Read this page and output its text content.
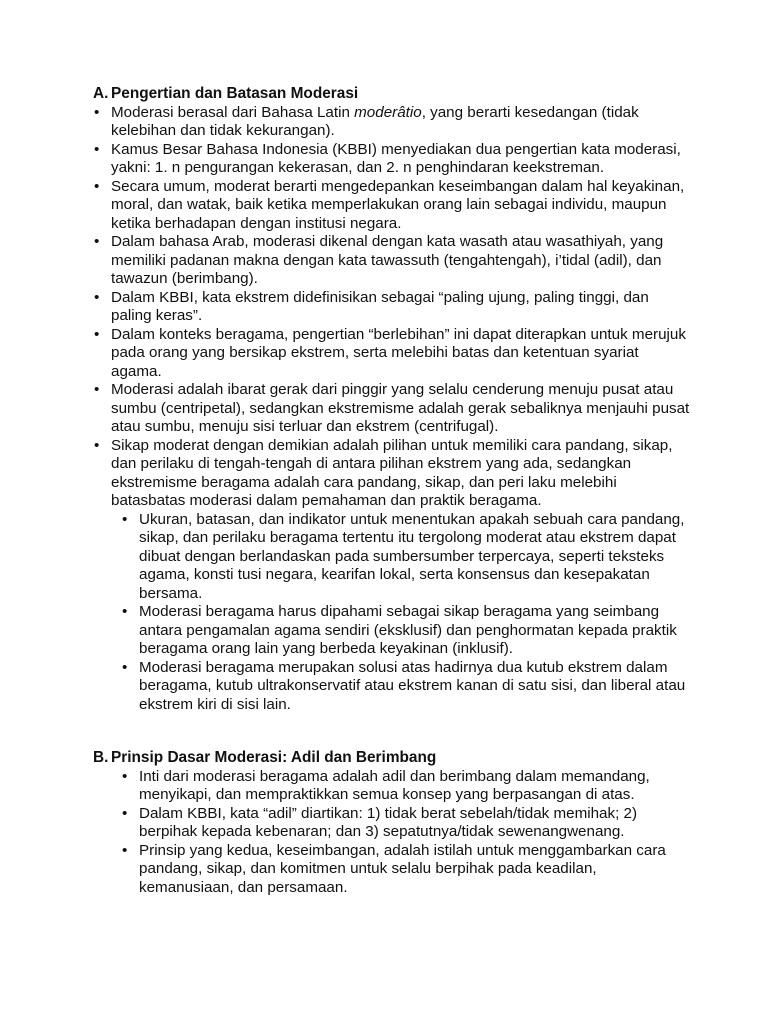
A. Pengertian dan Batasan Moderasi
• Moderasi berasal dari Bahasa Latin moderâtio, yang berarti kesedangan (tidak kelebihan dan tidak kekurangan).
• Kamus Besar Bahasa Indonesia (KBBI) menyediakan dua pengertian kata moderasi, yakni: 1. n pengurangan kekerasan, dan 2. n penghindaran keekstreman.
• Secara umum, moderat berarti mengedepankan keseimbangan dalam hal keyakinan, moral, dan watak, baik ketika memperlakukan orang lain sebagai individu, maupun ketika berhadapan dengan institusi negara.
• Dalam bahasa Arab, moderasi dikenal dengan kata wasath atau wasathiyah, yang memiliki padanan makna dengan kata tawassuth (tengahtengah), i’tidal (adil), dan tawazun (berimbang).
• Dalam KBBI, kata ekstrem didefinisikan sebagai “paling ujung, paling tinggi, dan paling keras”.
• Dalam konteks beragama, pengertian “berlebihan” ini dapat diterapkan untuk merujuk pada orang yang bersikap ekstrem, serta melebihi batas dan ketentuan syariat agama.
• Moderasi adalah ibarat gerak dari pinggir yang selalu cenderung menuju pusat atau sumbu (centripetal), sedangkan ekstremisme adalah gerak sebaliknya menjauhi pusat atau sumbu, menuju sisi terluar dan ekstrem (centrifugal).
• Sikap moderat dengan demikian adalah pilihan untuk memiliki cara pandang, sikap, dan perilaku di tengah-tengah di antara pilihan ekstrem yang ada, sedangkan ekstremisme beragama adalah cara pandang, sikap, dan peri laku melebihi batasbatas moderasi dalam pemahaman dan praktik beragama.
• Ukuran, batasan, dan indikator untuk menentukan apakah sebuah cara pandang, sikap, dan perilaku beragama tertentu itu tergolong moderat atau ekstrem dapat dibuat dengan berlandaskan pada sumbersumber terpercaya, seperti teksteks agama, konsti tusi negara, kearifan lokal, serta konsensus dan kesepakatan bersama.
• Moderasi beragama harus dipahami sebagai sikap beragama yang seimbang antara pengamalan agama sendiri (eksklusif) dan penghormatan kepada praktik beragama orang lain yang berbeda keyakinan (inklusif).
• Moderasi beragama merupakan solusi atas hadirnya dua kutub ekstrem dalam beragama, kutub ultrakonservatif atau ekstrem kanan di satu sisi, dan liberal atau ekstrem kiri di sisi lain.
B. Prinsip Dasar Moderasi: Adil dan Berimbang
• Inti dari moderasi beragama adalah adil dan berimbang dalam memandang, menyikapi, dan mempraktikkan semua konsep yang berpasangan di atas.
• Dalam KBBI, kata “adil” diartikan: 1) tidak berat sebelah/tidak memihak; 2) berpihak kepada kebenaran; dan 3) sepatutnya/tidak sewenangwenang.
• Prinsip yang kedua, keseimbangan, adalah istilah untuk menggambarkan cara pandang, sikap, dan komitmen untuk selalu berpihak pada keadilan, kemanusiaan, dan persamaan.
